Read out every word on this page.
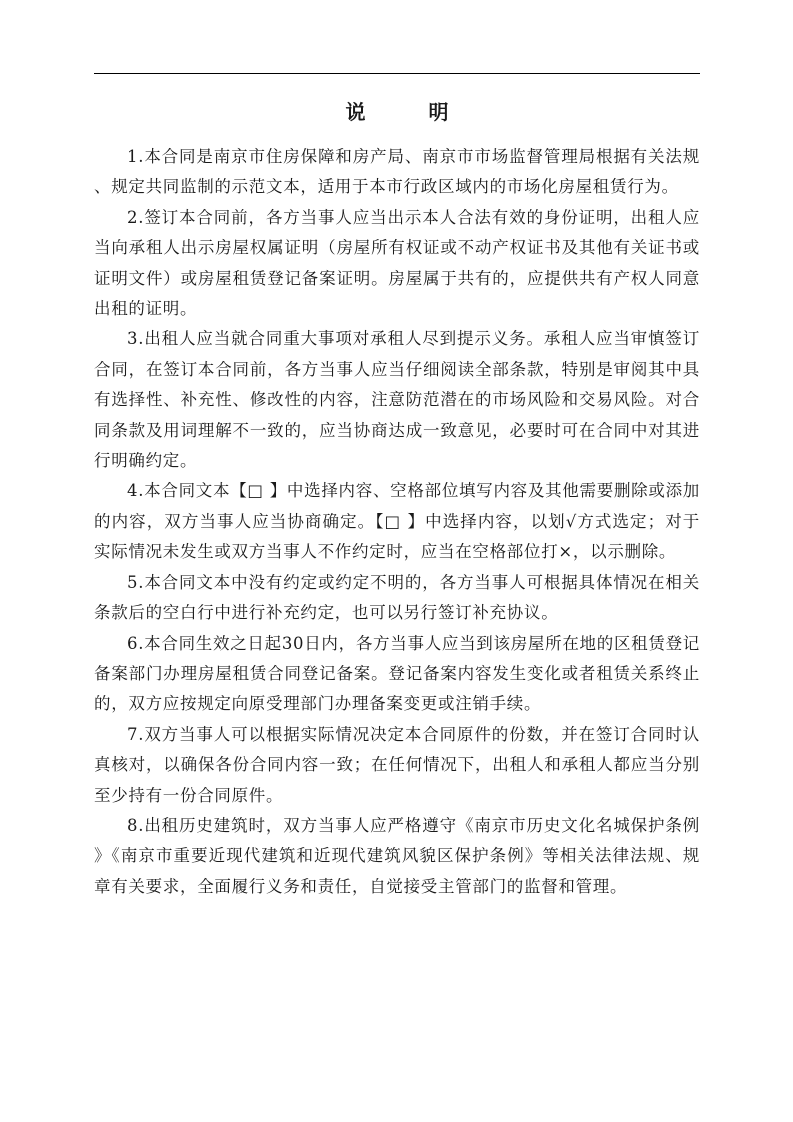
说 明

1.本合同是南京市住房保障和房产局、南京市市场监督管理局根据有关法规、规定共同监制的示范文本，适用于本市行政区域内的市场化房屋租赁行为。

2.签订本合同前，各方当事人应当出示本人合法有效的身份证明，出租人应当向承租人出示房屋权属证明（房屋所有权证或不动产权证书及其他有关证书或证明文件）或房屋租赁登记备案证明。房屋属于共有的，应提供共有产权人同意出租的证明。

3.出租人应当就合同重大事项对承租人尽到提示义务。承租人应当审慎签订合同，在签订本合同前，各方当事人应当仔细阅读全部条款，特别是审阅其中具有选择性、补充性、修改性的内容，注意防范潜在的市场风险和交易风险。对合同条款及用词理解不一致的，应当协商达成一致意见，必要时可在合同中对其进行明确约定。

4.本合同文本【□ 】中选择内容、空格部位填写内容及其他需要删除或添加的内容，双方当事人应当协商确定。【□ 】中选择内容，以划√方式选定；对于实际情况未发生或双方当事人不作约定时，应当在空格部位打×，以示删除。

5.本合同文本中没有约定或约定不明的，各方当事人可根据具体情况在相关条款后的空白行中进行补充约定，也可以另行签订补充协议。

6.本合同生效之日起30日内，各方当事人应当到该房屋所在地的区租赁登记备案部门办理房屋租赁合同登记备案。登记备案内容发生变化或者租赁关系终止的，双方应按规定向原受理部门办理备案变更或注销手续。

7.双方当事人可以根据实际情况决定本合同原件的份数，并在签订合同时认真核对，以确保各份合同内容一致；在任何情况下，出租人和承租人都应当分别至少持有一份合同原件。

8.出租历史建筑时，双方当事人应严格遵守《南京市历史文化名城保护条例》《南京市重要近现代建筑和近现代建筑风貌区保护条例》等相关法律法规、规章有关要求，全面履行义务和责任，自觉接受主管部门的监督和管理。
